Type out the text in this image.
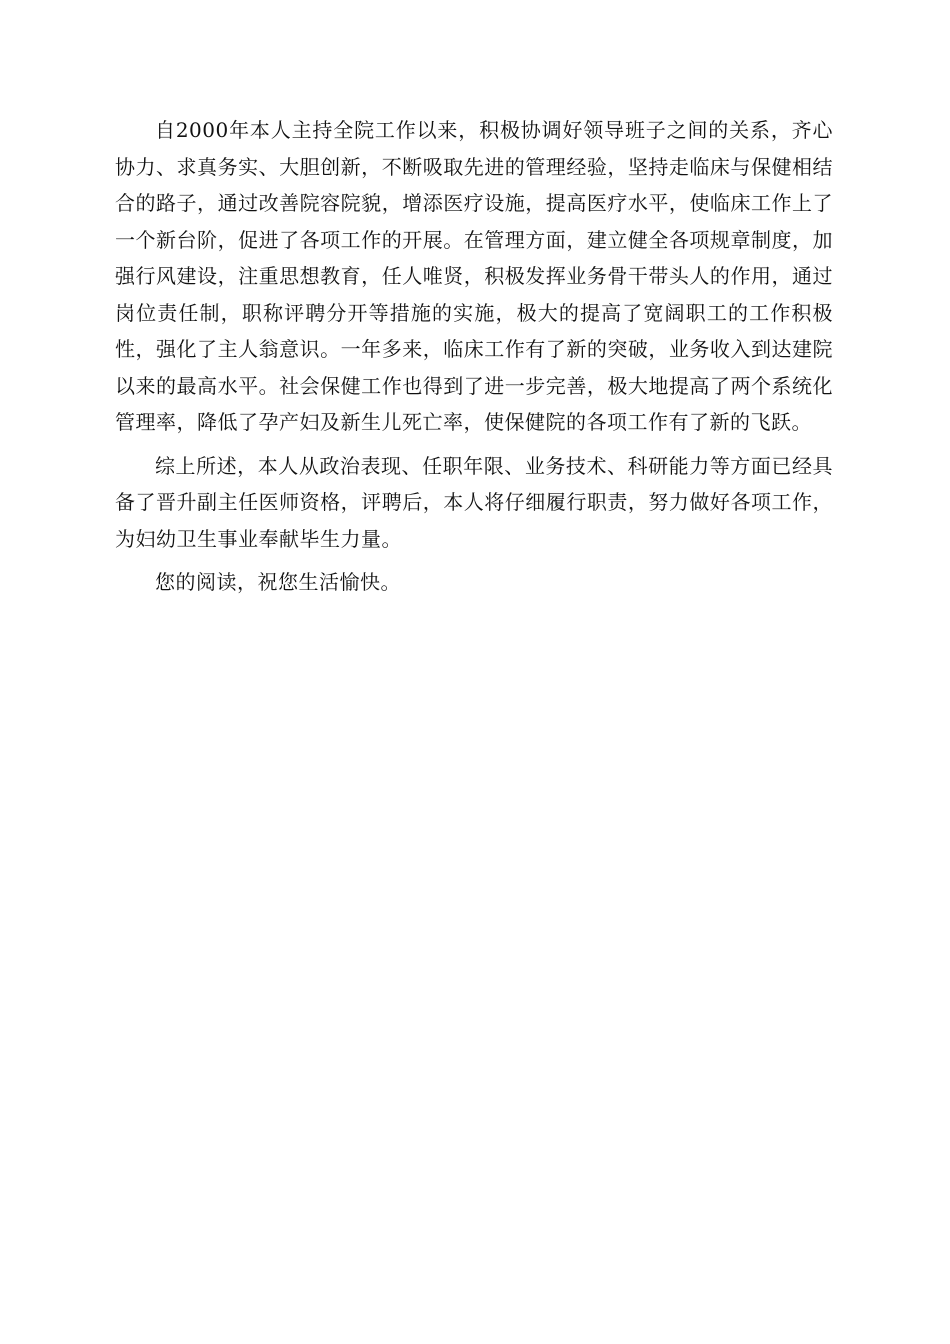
自2000年本人主持全院工作以来，积极协调好领导班子之间的关系，齐心协力、求真务实、大胆创新，不断吸取先进的管理经验，坚持走临床与保健相结合的路子，通过改善院容院貌，增添医疗设施，提高医疗水平，使临床工作上了一个新台阶，促进了各项工作的开展。在管理方面，建立健全各项规章制度，加强行风建设，注重思想教育，任人唯贤，积极发挥业务骨干带头人的作用，通过岗位责任制，职称评聘分开等措施的实施，极大的提高了宽阔职工的工作积极性，强化了主人翁意识。一年多来，临床工作有了新的突破，业务收入到达建院以来的最高水平。社会保健工作也得到了进一步完善，极大地提高了两个系统化管理率，降低了孕产妇及新生儿死亡率，使保健院的各项工作有了新的飞跃。

综上所述，本人从政治表现、任职年限、业务技术、科研能力等方面已经具备了晋升副主任医师资格，评聘后，本人将仔细履行职责，努力做好各项工作，为妇幼卫生事业奉献毕生力量。

您的阅读，祝您生活愉快。
